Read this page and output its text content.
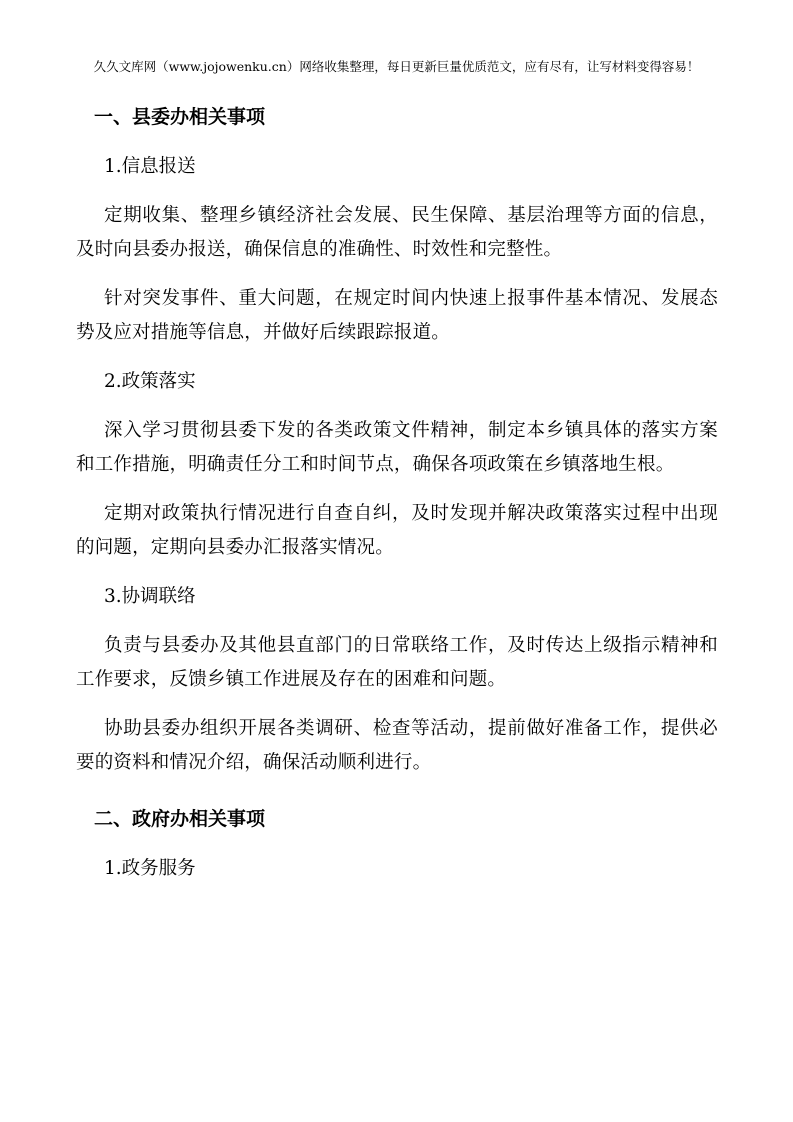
久久文库网（www.jojowenku.cn）网络收集整理，每日更新巨量优质范文，应有尽有，让写材料变得容易！
一、县委办相关事项
1.信息报送

定期收集、整理乡镇经济社会发展、民生保障、基层治理等方面的信息，及时向县委办报送，确保信息的准确性、时效性和完整性。

针对突发事件、重大问题，在规定时间内快速上报事件基本情况、发展态势及应对措施等信息，并做好后续跟踪报道。

2.政策落实

深入学习贯彻县委下发的各类政策文件精神，制定本乡镇具体的落实方案和工作措施，明确责任分工和时间节点，确保各项政策在乡镇落地生根。

定期对政策执行情况进行自查自纠，及时发现并解决政策落实过程中出现的问题，定期向县委办汇报落实情况。

3.协调联络

负责与县委办及其他县直部门的日常联络工作，及时传达上级指示精神和工作要求，反馈乡镇工作进展及存在的困难和问题。

协助县委办组织开展各类调研、检查等活动，提前做好准备工作，提供必要的资料和情况介绍，确保活动顺利进行。

二、政府办相关事项
1.政务服务
